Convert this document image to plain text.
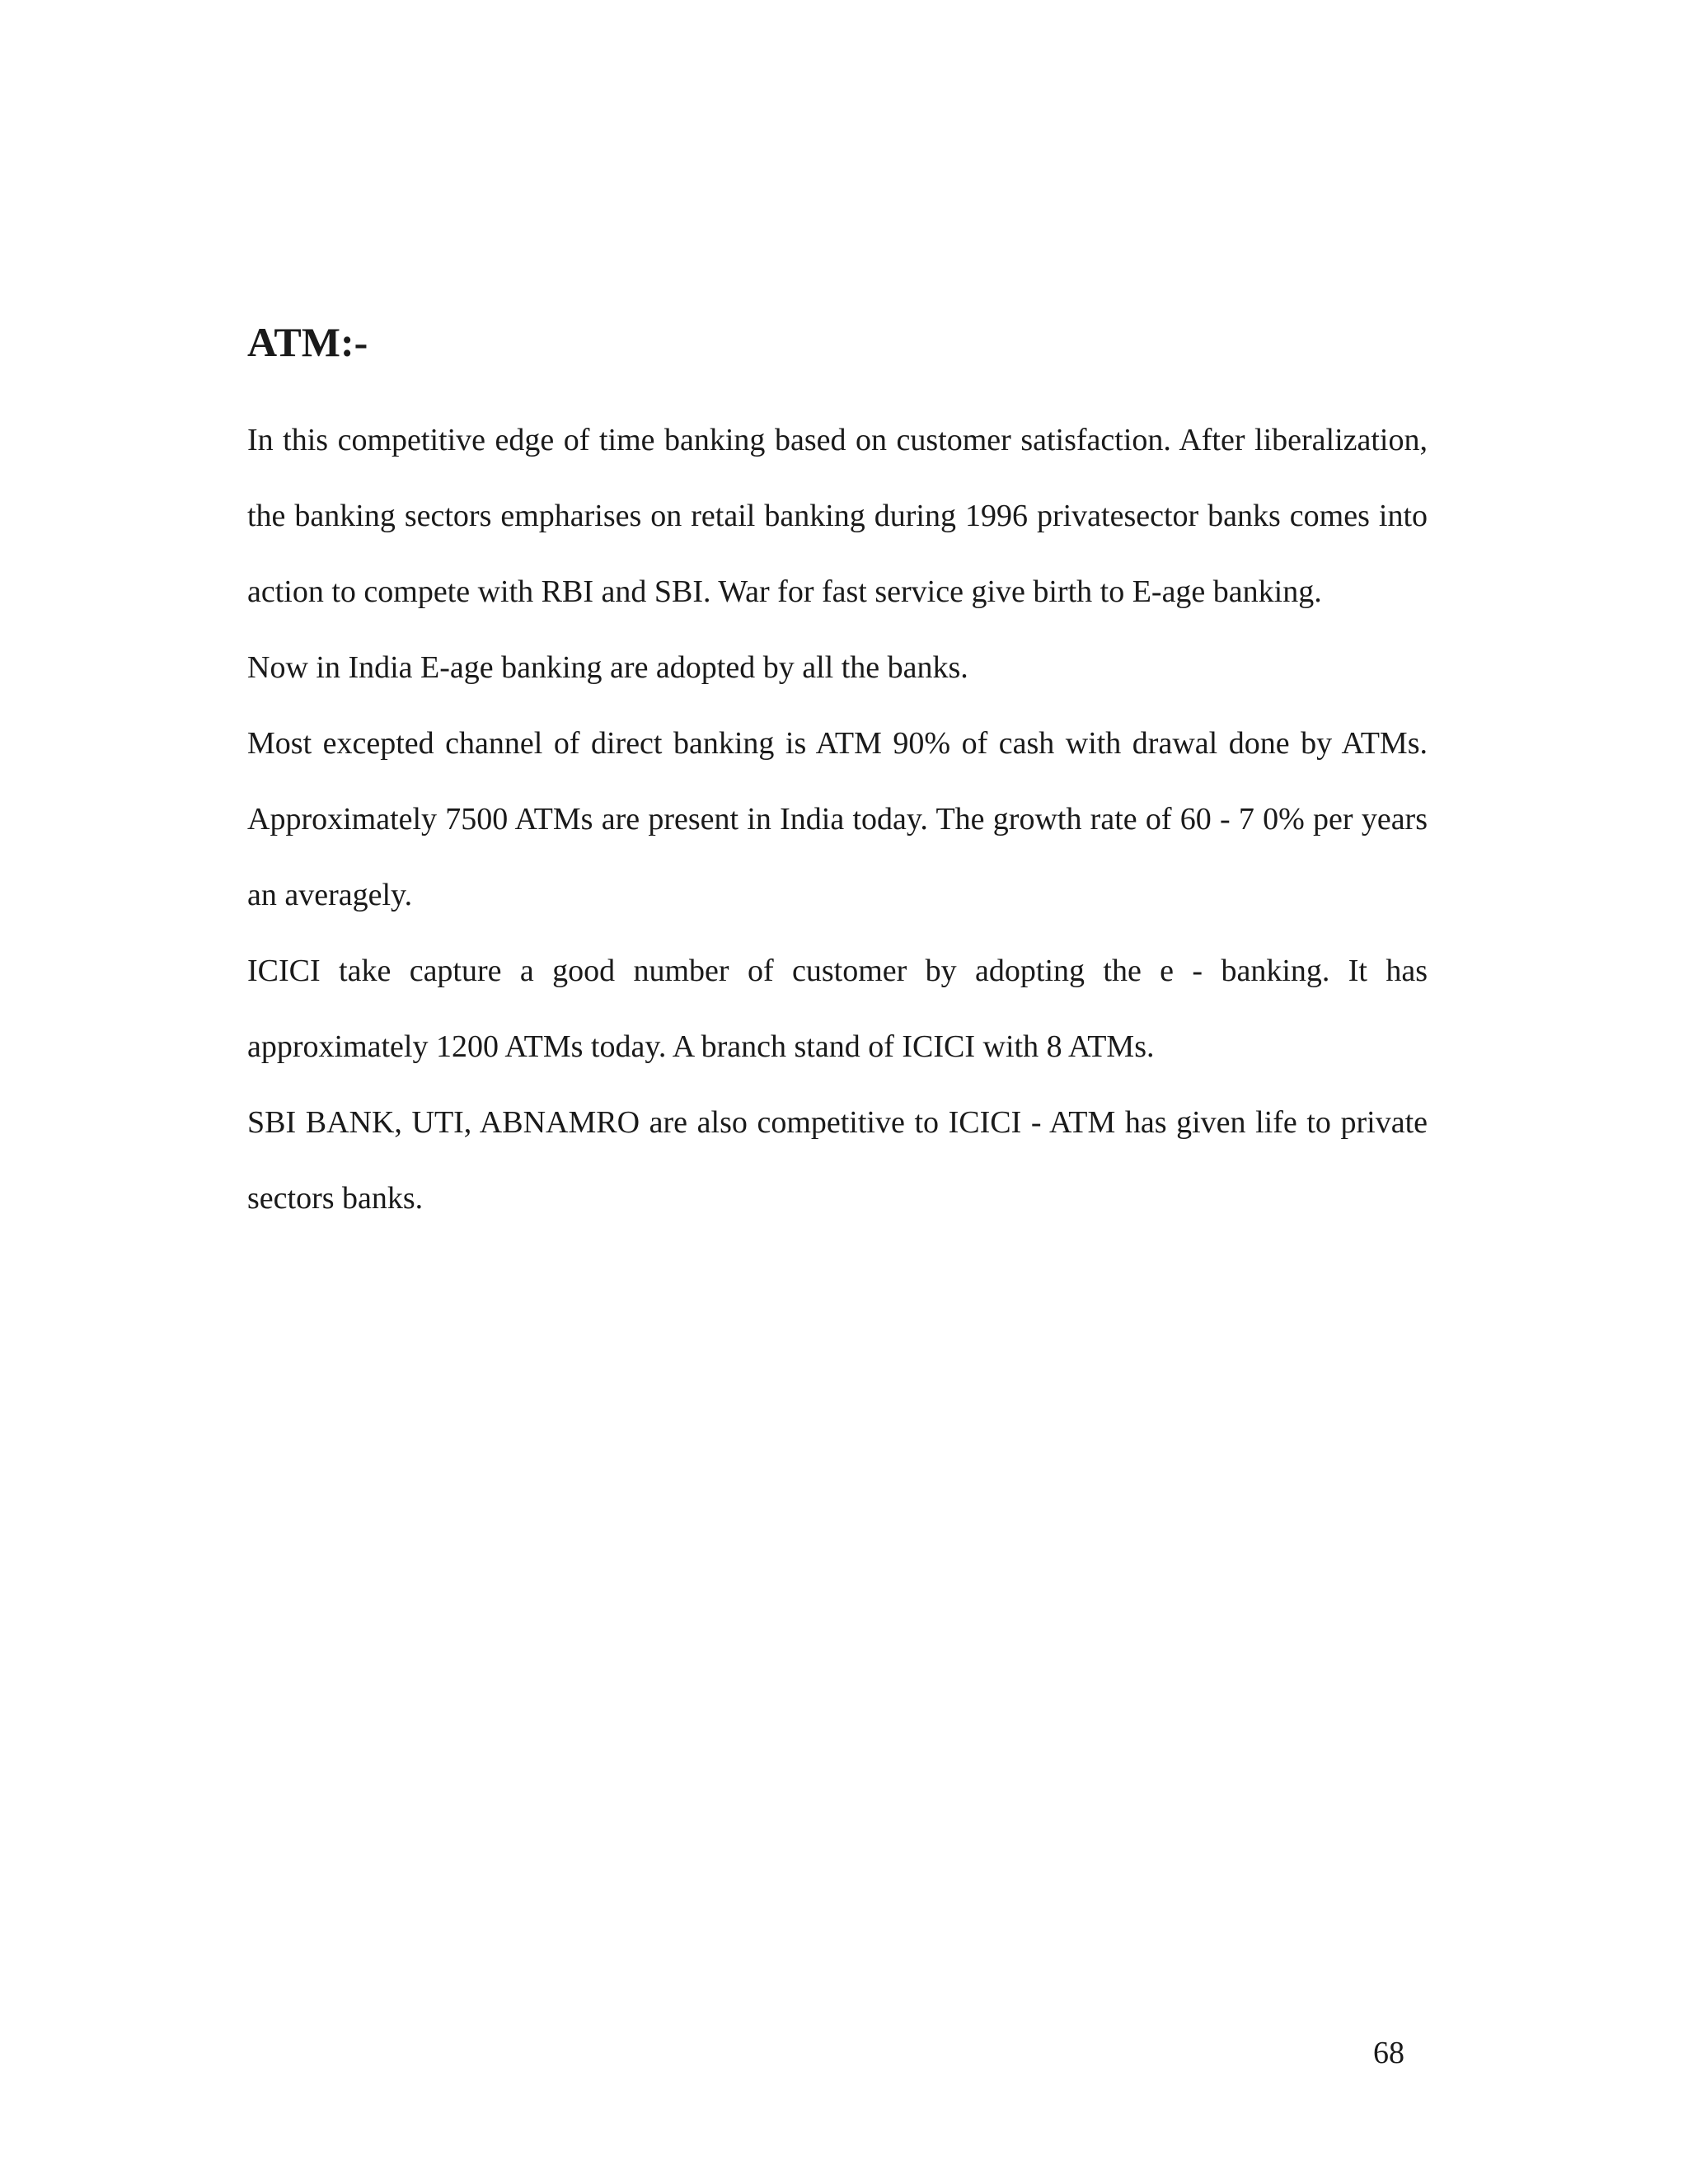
ATM:-

In this competitive edge of time banking based on customer satisfaction. After liberalization, the banking sectors empharises on retail banking during 1996 privatesector banks comes into action to compete with RBI and SBI. War for fast service give birth to E-age banking.

Now in India E-age banking are adopted by all the banks.

Most excepted channel of direct banking is ATM 90% of cash with drawal done by ATMs. Approximately 7500 ATMs are present in India today. The growth rate of 60 - 7 0% per years an averagely.

ICICI take capture a good number of customer by adopting the e - banking. It has approximately 1200 ATMs today. A branch stand of ICICI with 8 ATMs.

SBI BANK, UTI, ABNAMRO are also competitive to ICICI - ATM has given life to private sectors banks.

68
